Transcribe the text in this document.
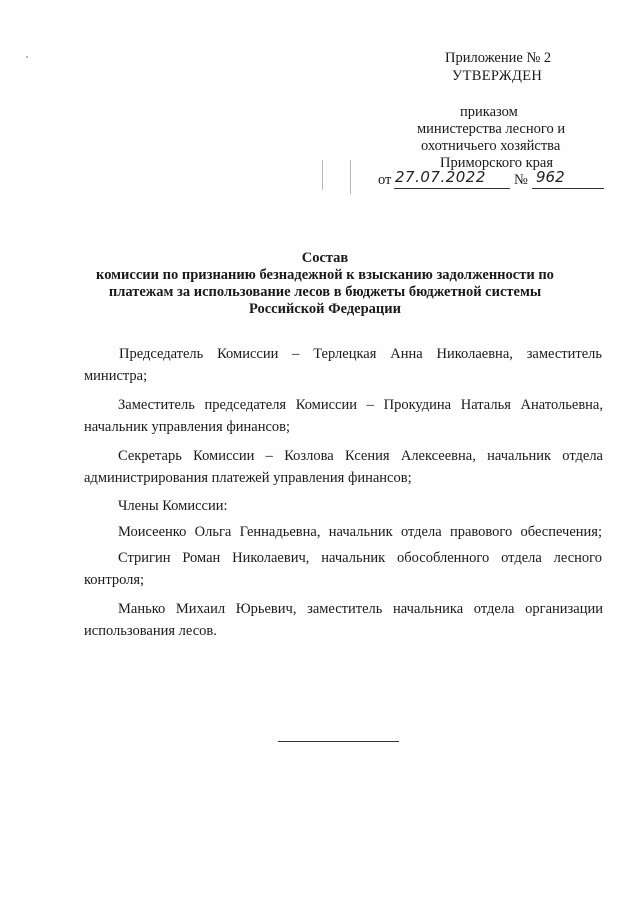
Приложение № 2
УТВЕРЖДЕН
приказом
министерства лесного и
охотничьего хозяйства
Приморского края
от 27.07.2022 № 962
Состав
комиссии по признанию безнадежной к взысканию задолженности по
платежам за использование лесов в бюджеты бюджетной системы
Российской Федерации
Председатель Комиссии – Терлецкая Анна Николаевна, заместитель
министра;
Заместитель председателя Комиссии – Прокудина Наталья Анатольевна,
начальник управления финансов;
Секретарь Комиссии – Козлова Ксения Алексеевна, начальник отдела
администрирования платежей управления финансов;
Члены Комиссии:
Моисеенко Ольга Геннадьевна, начальник отдела правового обеспечения;
Стригин Роман Николаевич, начальник обособленного отдела лесного
контроля;
Манько Михаил Юрьевич, заместитель начальника отдела организации
использования лесов.
